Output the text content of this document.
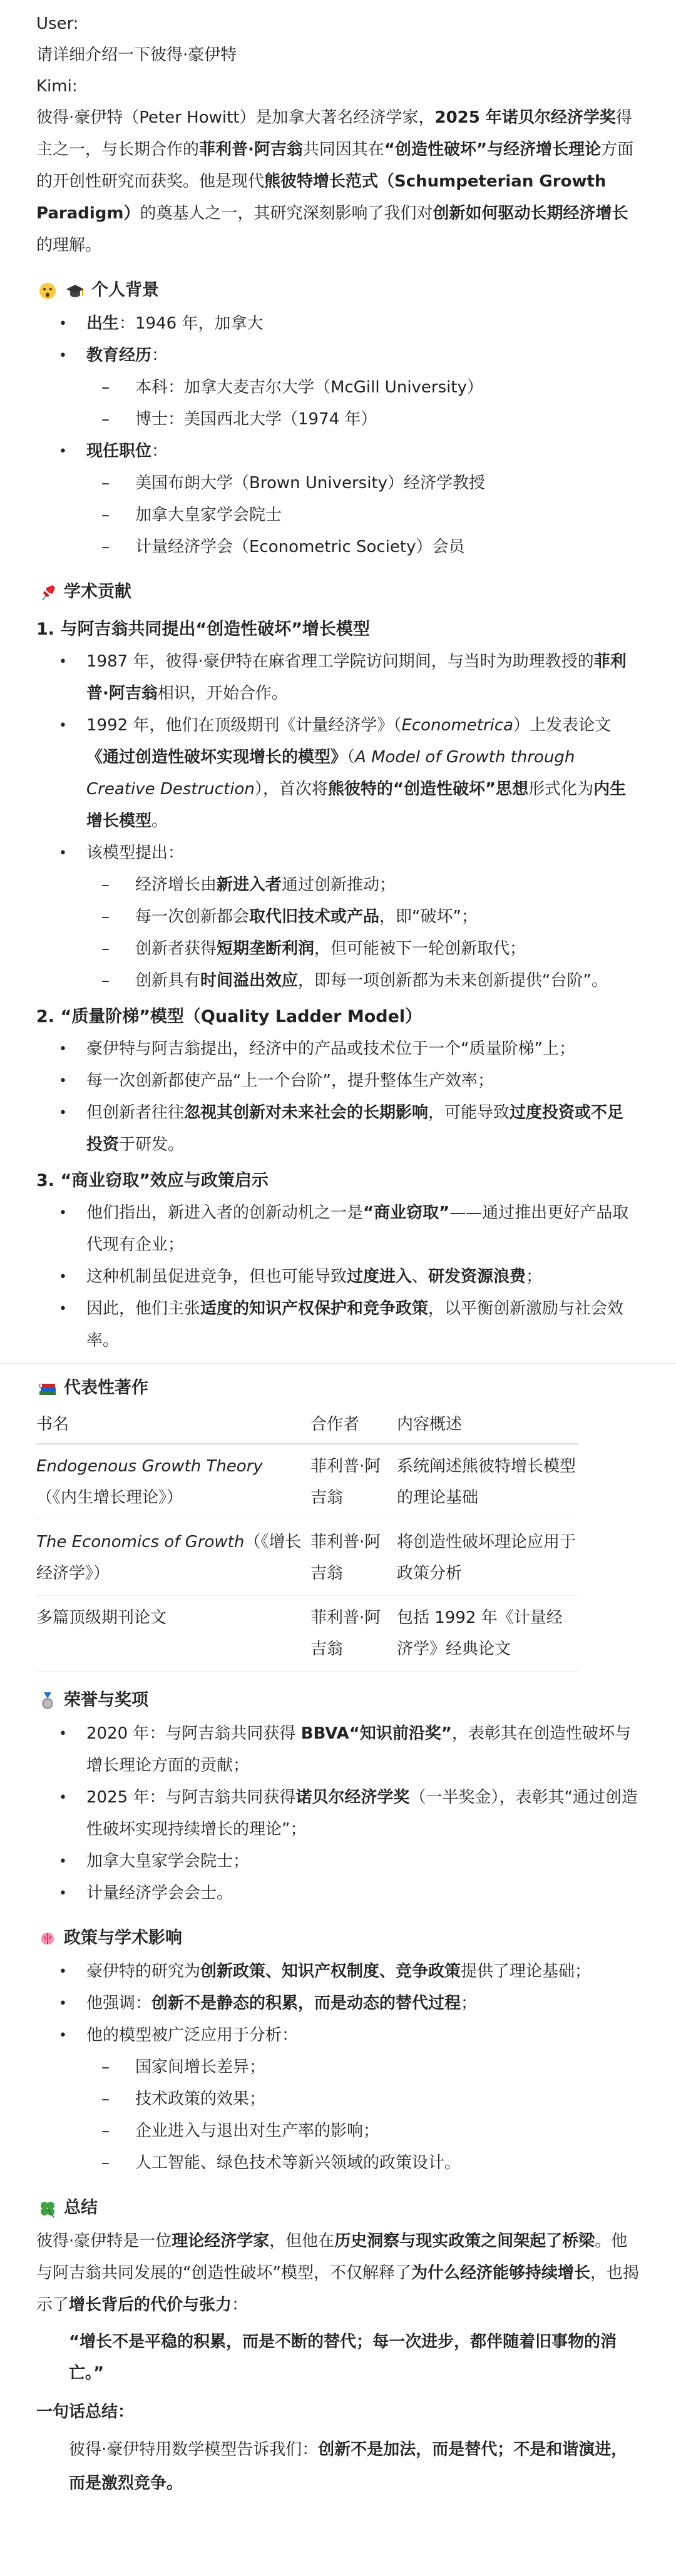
User:
请详细介绍一下彼得·豪伊特
Kimi:

彼得·豪伊特（Peter Howitt）是加拿大著名经济学家，2025 年诺贝尔经济学奖得主之一，与长期合作的菲利普·阿吉翁共同因其在“创造性破坏”与经济增长理论方面的开创性研究而获奖。他是现代熊彼特增长范式（Schumpeterian Growth Paradigm）的奠基人之一，其研究深刻影响了我们对创新如何驱动长期经济增长的理解。

个人背景
• 出生：1946 年，加拿大
• 教育经历：
– 本科：加拿大麦吉尔大学（McGill University）
– 博士：美国西北大学（1974 年）
• 现任职位：
– 美国布朗大学（Brown University）经济学教授
– 加拿大皇家学会院士
– 计量经济学会（Econometric Society）会员
学术贡献
1. 与阿吉翁共同提出“创造性破坏”增长模型
• 1987 年，彼得·豪伊特在麻省理工学院访问期间，与当时为助理教授的菲利普·阿吉翁相识，开始合作。
• 1992 年，他们在顶级期刊《计量经济学》（Econometrica）上发表论文《通过创造性破坏实现增长的模型》（A Model of Growth through Creative Destruction），首次将熊彼特的“创造性破坏”思想形式化为内生增长模型。
• 该模型提出：
– 经济增长由新进入者通过创新推动；
– 每一次创新都会取代旧技术或产品，即“破坏”；
– 创新者获得短期垄断利润，但可能被下一轮创新取代；
– 创新具有时间溢出效应，即每一项创新都为未来创新提供“台阶”。
2. “质量阶梯”模型（Quality Ladder Model）
• 豪伊特与阿吉翁提出，经济中的产品或技术位于一个“质量阶梯”上；
• 每一次创新都使产品“上一个台阶”，提升整体生产效率；
• 但创新者往往忽视其创新对未来社会的长期影响，可能导致过度投资或不足投资于研发。
3. “商业窃取”效应与政策启示
• 他们指出，新进入者的创新动机之一是“商业窃取”——通过推出更好产品取代现有企业；
• 这种机制虽促进竞争，但也可能导致过度进入、研发资源浪费；
• 因此，他们主张适度的知识产权保护和竞争政策，以平衡创新激励与社会效率。
代表性著作
书名	合作者	内容概述
Endogenous Growth Theory
（《内生增长理论》）	菲利普·阿吉翁	系统阐述熊彼特增长模型的理论基础
The Economics of Growth（《增长经济学》）	菲利普·阿吉翁	将创造性破坏理论应用于政策分析
多篇顶级期刊论文	菲利普·阿吉翁	包括 1992 年《计量经济学》经典论文
荣誉与奖项
• 2020 年：与阿吉翁共同获得 BBVA“知识前沿奖”，表彰其在创造性破坏与增长理论方面的贡献；
• 2025 年：与阿吉翁共同获得诺贝尔经济学奖（一半奖金），表彰其“通过创造性破坏实现持续增长的理论”；
• 加拿大皇家学会院士；
• 计量经济学会会士。
政策与学术影响
• 豪伊特的研究为创新政策、知识产权制度、竞争政策提供了理论基础；
• 他强调：创新不是静态的积累，而是动态的替代过程；
• 他的模型被广泛应用于分析：
– 国家间增长差异；
– 技术政策的效果；
– 企业进入与退出对生产率的影响；
– 人工智能、绿色技术等新兴领域的政策设计。
总结

彼得·豪伊特是一位理论经济学家，但他在历史洞察与现实政策之间架起了桥梁。他与阿吉翁共同发展的“创造性破坏”模型，不仅解释了为什么经济能够持续增长，也揭示了增长背后的代价与张力：

“增长不是平稳的积累，而是不断的替代；每一次进步，都伴随着旧事物的消亡。”
一句话总结：
彼得·豪伊特用数学模型告诉我们：创新不是加法，而是替代；不是和谐演进，而是激烈竞争。
